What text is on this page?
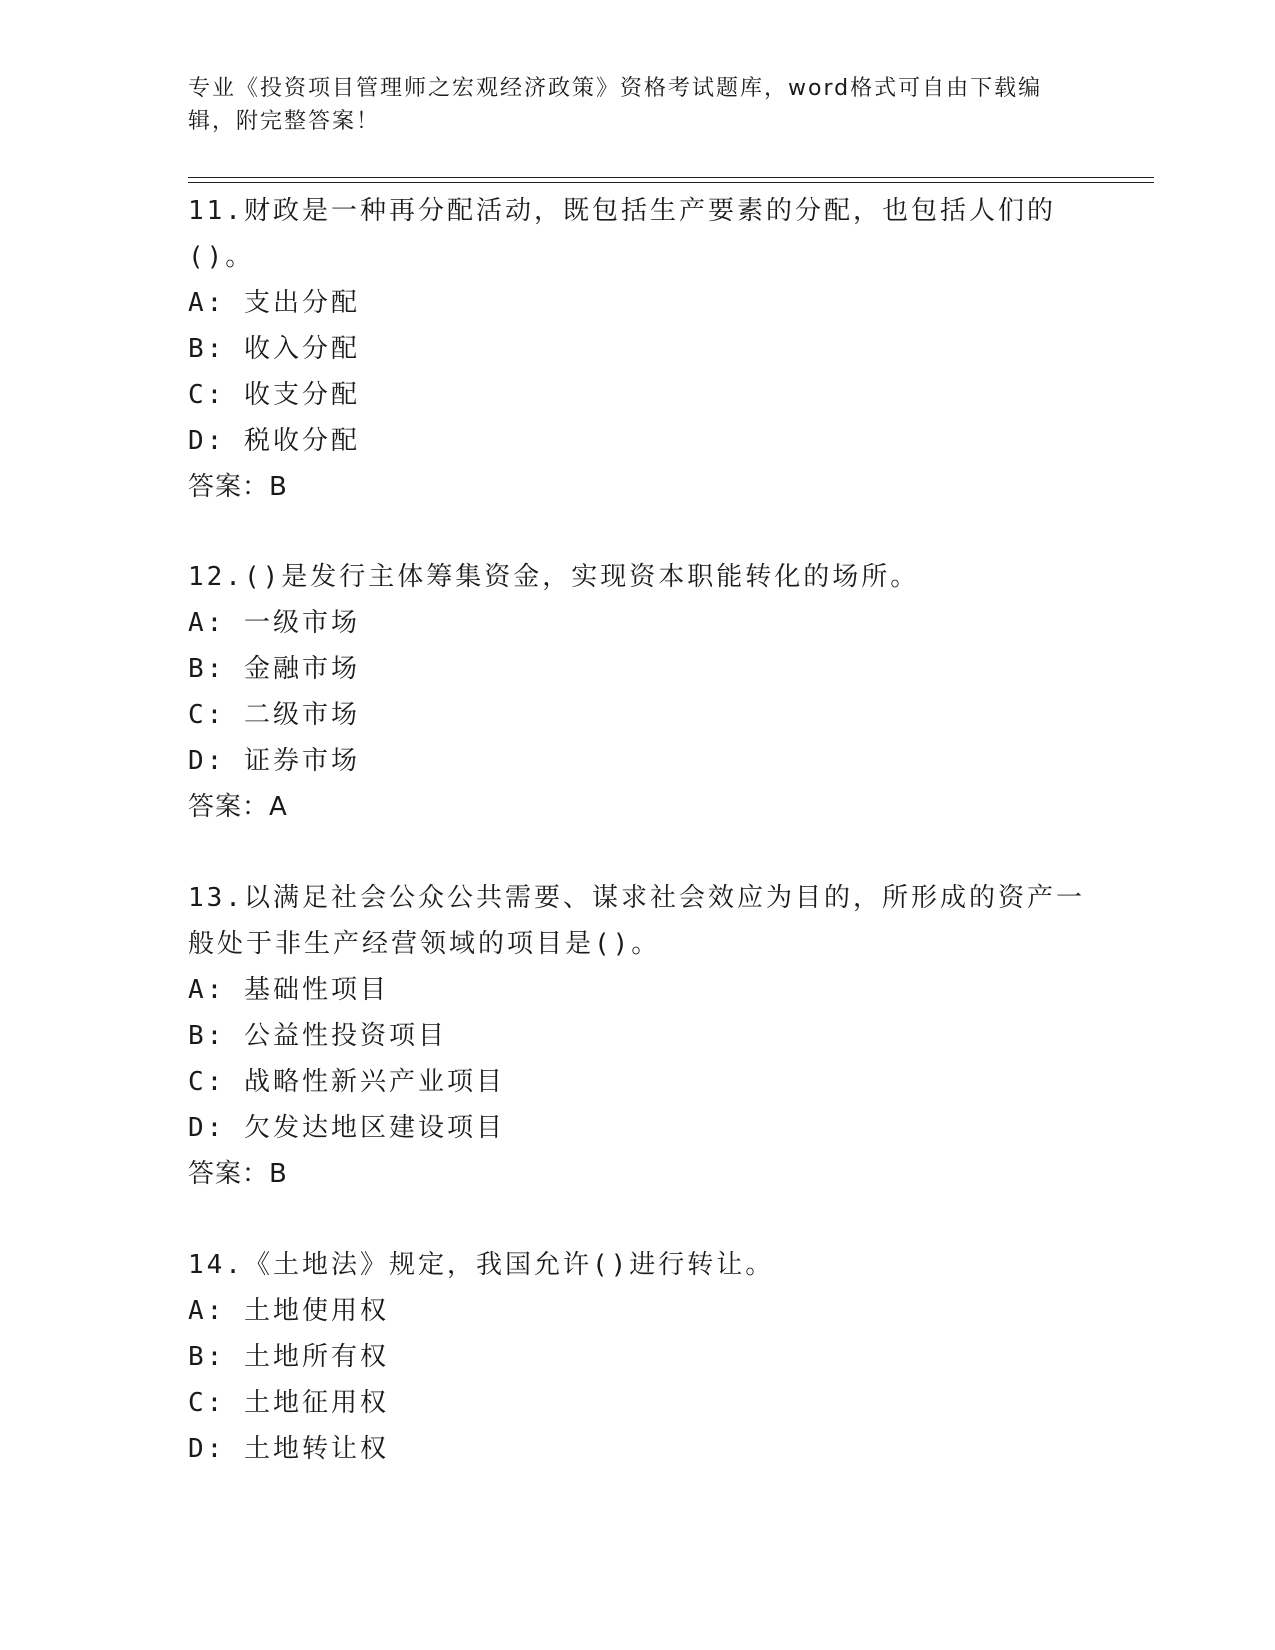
专业《投资项目管理师之宏观经济政策》资格考试题库，word格式可自由下载编辑，附完整答案！

11.财政是一种再分配活动，既包括生产要素的分配，也包括人们的()。

A: 支出分配
B: 收入分配
C: 收支分配
D: 税收分配
答案：B

12.()是发行主体筹集资金，实现资本职能转化的场所。

A: 一级市场
B: 金融市场
C: 二级市场
D: 证券市场
答案：A

13.以满足社会公众公共需要、谋求社会效应为目的，所形成的资产一般处于非生产经营领域的项目是()。

A: 基础性项目
B: 公益性投资项目
C: 战略性新兴产业项目
D: 欠发达地区建设项目
答案：B

14.《土地法》规定，我国允许()进行转让。

A: 土地使用权
B: 土地所有权
C: 土地征用权
D: 土地转让权
